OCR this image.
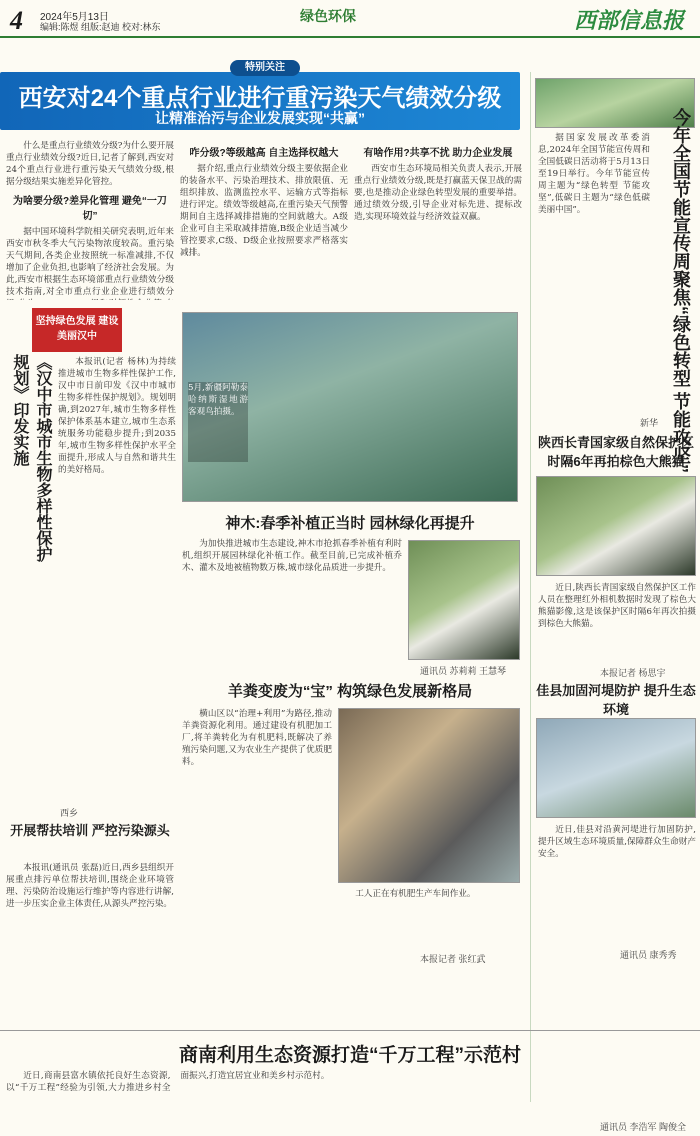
4 2024年5月13日
编辑:陈煜 组版:赵迪 校对:林东
绿色环保	西部信息报
特别关注
西安对24个重点行业进行重污染天气绩效分级
让精准治污与企业发展实现“共赢”

什么是重点行业绩效分级?为什么要开展重点行业绩效分级?近日,记者了解到,西安对24个重点行业进行重污染天气绩效分级,根据分级结果实施差异化管控。

为啥要分级?差异化管理 避免“一刀切”

据中国环境科学院相关研究表明,近年来西安市秋冬季大气污染物浓度较高。重污染天气期间,各类企业按照统一标准减排,不仅增加了企业负担,也影响了经济社会发展。为此,西安市根据生态环境部重点行业绩效分级技术指南,对全市重点行业企业进行绩效分

咋分级?等级越高 自主选择权越大

据介绍,重点行业绩效分级主要依据企业的装备水平、污染治理技术、排放限值、无组织排放、监测监控水平、运输方式等指标进行评定。绩效等级越高,在重污染天气预警期间自主选择减排措施的空间就越大。A级企业可自主采取减排措施,B级企业适当减少管控要求,C级、D级企业按照要求严格落实减排。

有啥作用?共享不扰 助力企业发展

西安市生态环境局相关负责人表示,开展重点行业绩效分级,既是打赢蓝天保卫战的需要,也是推动企业绿色转型发展的重要举措。通过绩效分级,引导企业对标先进、提标改造,实现环境效益与经济效益双赢。

坚持绿色发展 建设美丽汉中
《汉中市城市生物多样性保护规划》印发实施	本报讯(记者 杨林)为持续推进城市生物多样性保护工作,汉中市日前印发《汉中市城市生物多样性保护规划》。规划明确,到2027年,城市生物多样性保护体系基本建立,城市生态系统服务功能稳步提升;到2035年,城市生物多样性保护水平全面提升,形成人与自然和谐共生的美好格局。

5月,新疆阿勒泰哈纳斯湿地游客观鸟拍摄。
神木:春季补植正当时 园林绿化再提升

为加快推进城市生态建设,神木市抢抓春季补植有利时机,组织开展园林绿化补植工作。截至目前,已完成补植乔木、灌木及地被植物数万株,城市绿化品质进一步提升。

通讯员 苏莉莉 王慧琴
羊粪变废为“宝” 构筑绿色发展新格局

横山区以“治理+利用”为路径,推动羊粪资源化利用。通过建设有机肥加工厂,将羊粪转化为有机肥料,既解决了养殖污染问题,又为农业生产提供了优质肥料。

工人正在有机肥生产车间作业。

本报记者 张红武
开展帮扶培训 严控污染源头
西乡

本报讯(通讯员 张磊)近日,西乡县组织开展重点排污单位帮扶培训,围绕企业环境管理、污染防治设施运行维护等内容进行讲解,进一步压实企业主体责任,从源头严控污染。

今年全国节能宣传周聚焦“绿色转型 节能攻坚”

据国家发展改革委消息,2024年全国节能宣传周和全国低碳日活动将于5月13日至19日举行。今年节能宣传周主题为“绿色转型 节能攻坚”,低碳日主题为“绿色低碳 美丽中国”。

新华
陕西长青国家级自然保护区时隔6年再拍棕色大熊猫

近日,陕西长青国家级自然保护区工作人员在整理红外相机数据时发现了棕色大熊猫影像,这是该保护区时隔6年再次拍摄到棕色大熊猫。

本报记者 杨思宇
佳县加固河堤防护 提升生态环境

近日,佳县对沿黄河堤进行加固防护,提升区域生态环境质量,保障群众生命财产安全。

通讯员 康秀秀
商南利用生态资源打造“千万工程”示范村

近日,商南县富水镇依托良好生态资源,以“千万工程”经验为引领,大力推进乡村全面振兴,打造宜居宜业和美乡村示范村。

通讯员 李浩军 陶俊全
